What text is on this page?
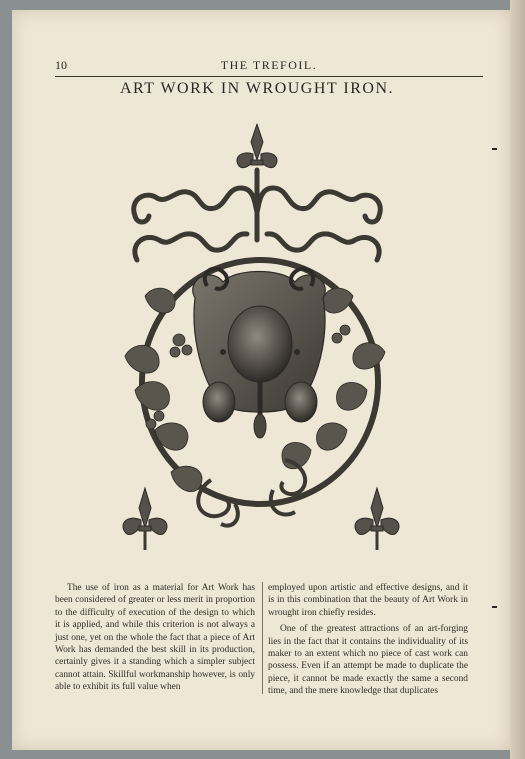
10	THE TREFOIL.
ART WORK IN WROUGHT IRON.

The use of iron as a material for Art Work has been considered of greater or less merit in proportion to the difficulty of execution of the design to which it is applied, and while this criterion is not always a just one, yet on the whole the fact that a piece of Art Work has demanded the best skill in its production, certainly gives it a standing which a simpler subject cannot attain. Skillful workmanship however, is only able to exhibit its full value when

employed upon artistic and effective designs, and it is in this combination that the beauty of Art Work in wrought iron chiefly resides.

One of the greatest attractions of an art-forging lies in the fact that it contains the individuality of its maker to an extent which no piece of cast work can possess. Even if an attempt be made to duplicate the piece, it cannot be made exactly the same a second time, and the mere knowledge that duplicates
